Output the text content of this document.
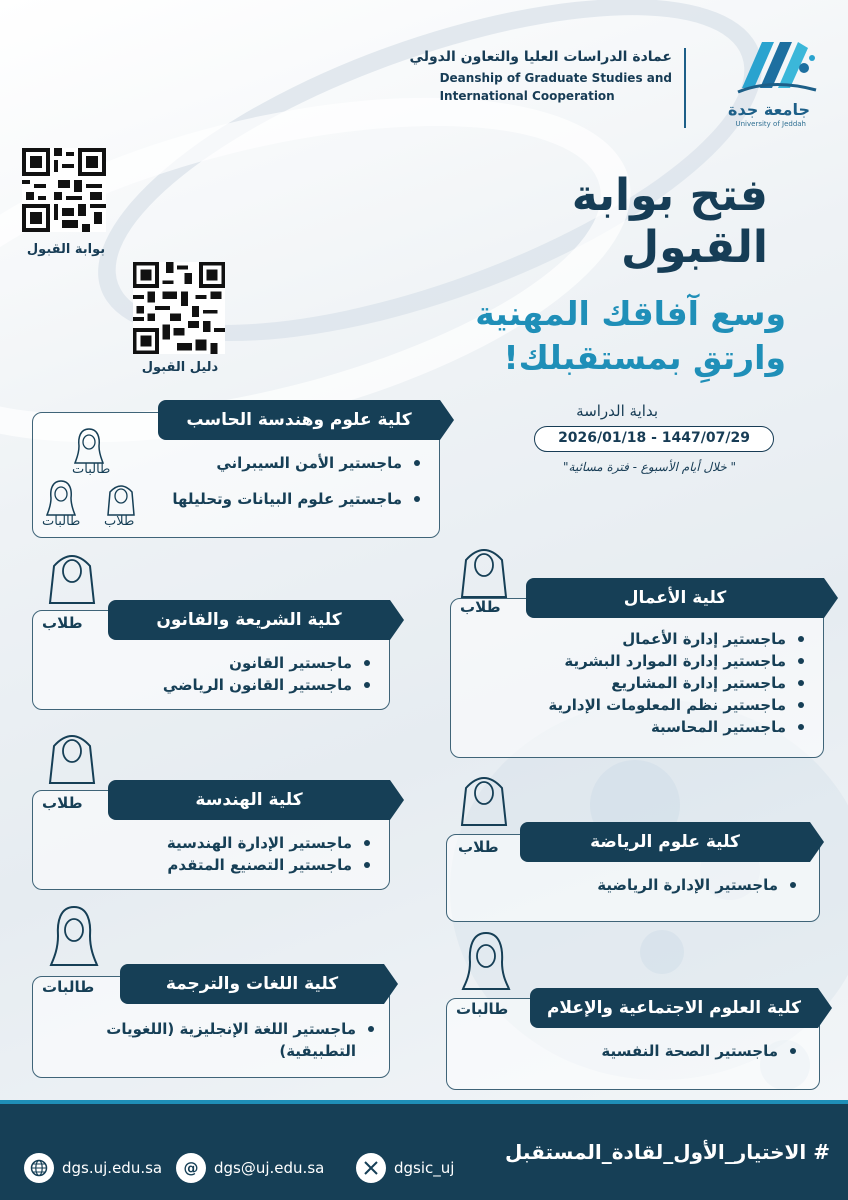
جامعة جدة
University of Jeddah
عمادة الدراسات العليا والتعاون الدولي
Deanship of Graduate Studies and
International Cooperation
بوابة القبول
دليل القبول
فتح بوابة
القبول
وسع آفاقك المهنية
وارتقِ بمستقبلك!
بداية الدراسة
2026/01/18 - 1447/07/29
" خلال أيام الأسبوع - فترة مسائية"
كلية علوم وهندسة الحاسب
ماجستير الأمن السيبراني
ماجستير علوم البيانات وتحليلها
طالبات
طالبات طلاب
كلية الأعمال
طلاب
ماجستير إدارة الأعمال
ماجستير إدارة الموارد البشرية
ماجستير إدارة المشاريع
ماجستير نظم المعلومات الإدارية
ماجستير المحاسبة
كلية الشريعة والقانون
طلاب
ماجستير القانون
ماجستير القانون الرياضي
كلية الهندسة
طلاب
ماجستير الإدارة الهندسية
ماجستير التصنيع المتقدم
كلية علوم الرياضة
طلاب
ماجستير الإدارة الرياضية
كلية اللغات والترجمة
طالبات
ماجستير اللغة الإنجليزية (اللغويات التطبيقية)
كلية العلوم الاجتماعية والإعلام
طالبات
ماجستير الصحة النفسية
# الاختيار_الأول_لقادة_المستقبل
dgs.uj.edu.sa	@	dgs@uj.edu.sa	dgsic_uj
